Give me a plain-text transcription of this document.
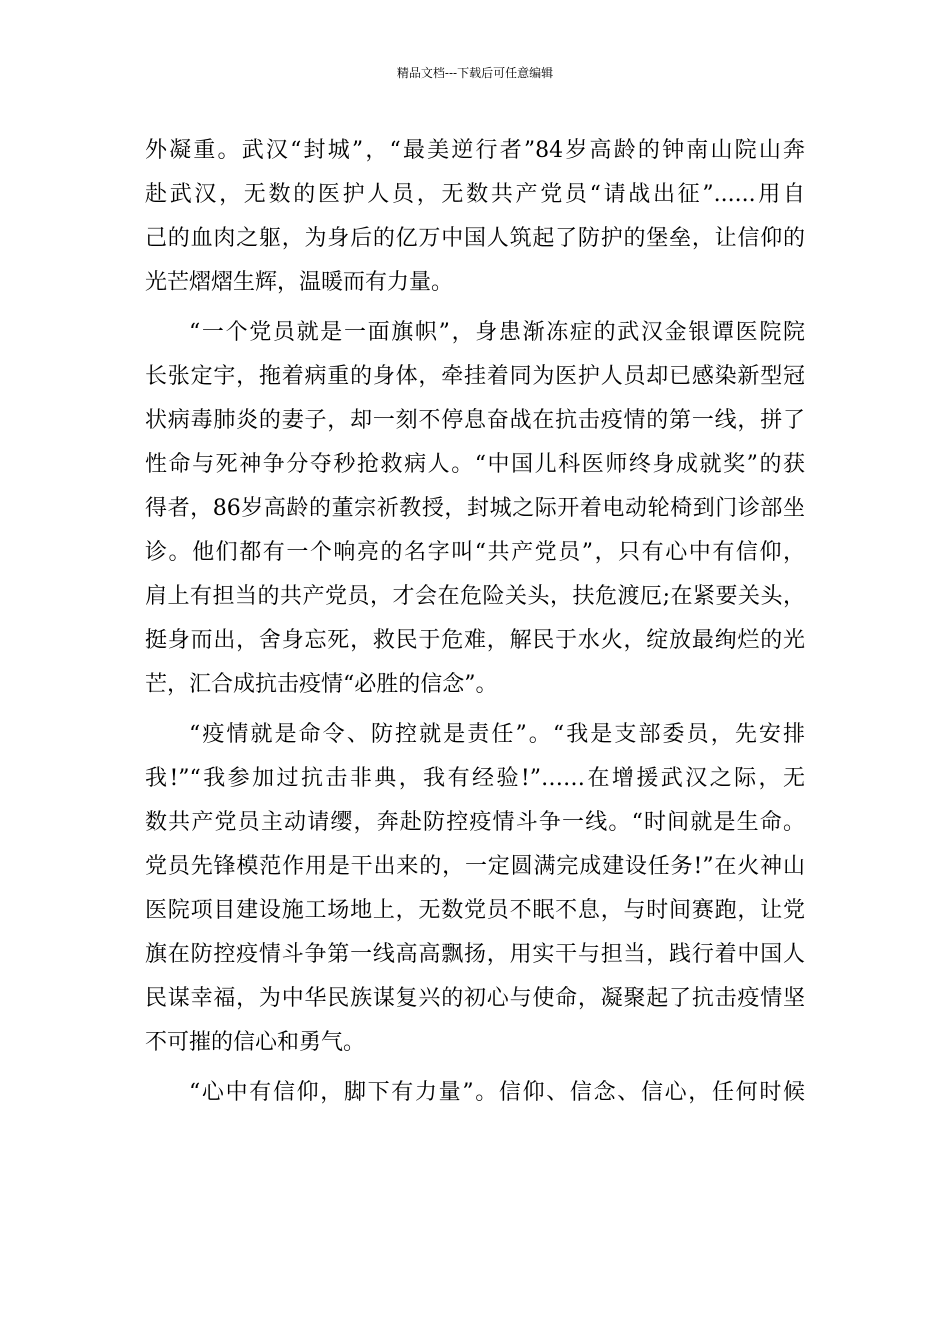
精品文档---下载后可任意编辑
外凝重。武汉“封城”，“最美逆行者”84岁高龄的钟南山院山奔
赴武汉，无数的医护人员，无数共产党员“请战出征”......用自
己的血肉之躯，为身后的亿万中国人筑起了防护的堡垒，让信仰的
光芒熠熠生辉，温暖而有力量。
“一个党员就是一面旗帜”，身患渐冻症的武汉金银谭医院院
长张定宇，拖着病重的身体，牵挂着同为医护人员却已感染新型冠
状病毒肺炎的妻子，却一刻不停息奋战在抗击疫情的第一线，拼了
性命与死神争分夺秒抢救病人。“中国儿科医师终身成就奖”的获
得者，86岁高龄的董宗祈教授，封城之际开着电动轮椅到门诊部坐
诊。他们都有一个响亮的名字叫“共产党员”，只有心中有信仰，
肩上有担当的共产党员，才会在危险关头，扶危渡厄;在紧要关头，
挺身而出，舍身忘死，救民于危难，解民于水火，绽放最绚烂的光
芒，汇合成抗击疫情“必胜的信念”。
“疫情就是命令、防控就是责任”。“我是支部委员，先安排
我!”“我参加过抗击非典，我有经验!”……在增援武汉之际，无
数共产党员主动请缨，奔赴防控疫情斗争一线。“时间就是生命。
党员先锋模范作用是干出来的，一定圆满完成建设任务!”在火神山
医院项目建设施工场地上，无数党员不眠不息，与时间赛跑，让党
旗在防控疫情斗争第一线高高飘扬，用实干与担当，践行着中国人
民谋幸福，为中华民族谋复兴的初心与使命，凝聚起了抗击疫情坚
不可摧的信心和勇气。
“心中有信仰，脚下有力量”。信仰、信念、信心，任何时候
